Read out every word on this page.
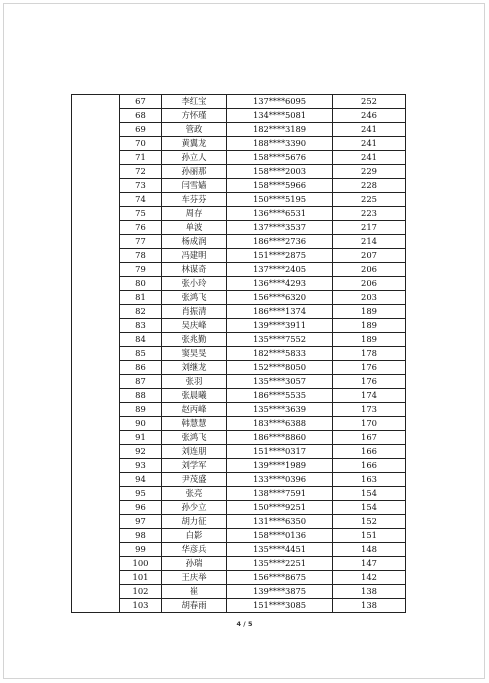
	67	李红宝	137****6095	252
	68	方怀瑾	134****5081	246
	69	管政	182****3189	241
	70	黄翼龙	188****3390	241
	71	孙立人	158****5676	241
	72	孙丽那	158****2003	229
	73	闫雪嫱	158****5966	228
	74	车芬芬	150****5195	225
	75	周存	136****6531	223
	76	单波	137****3537	217
	77	杨成润	186****2736	214
	78	冯建明	151****2875	207
	79	林谋奇	137****2405	206
	80	张小玲	136****4293	206
	81	张鸿飞	156****6320	203
	82	肖振清	186****1374	189
	83	吴庆峰	139****3911	189
	84	张兆勤	135****7552	189
	85	窦昊旻	182****5833	178
	86	刘继龙	152****8050	176
	87	张羽	135****3057	176
	88	张晨曦	186****5535	174
	89	赵丙峰	135****3639	173
	90	韩慧慧	183****6388	170
	91	张鸿飞	186****8860	167
	92	刘连朋	151****0317	166
	93	刘学军	139****1989	166
	94	尹茂盛	133****0396	163
	95	张亮	138****7591	154
	96	孙少立	150****9251	154
	97	胡力征	131****6350	152
	98	白影	158****0136	151
	99	华彦兵	135****4451	148
	100	孙瑞	135****2251	147
	101	王庆举	156****8675	142
	102	崔	139****3875	138
	103	胡春雨	151****3085	138
4 / 5
